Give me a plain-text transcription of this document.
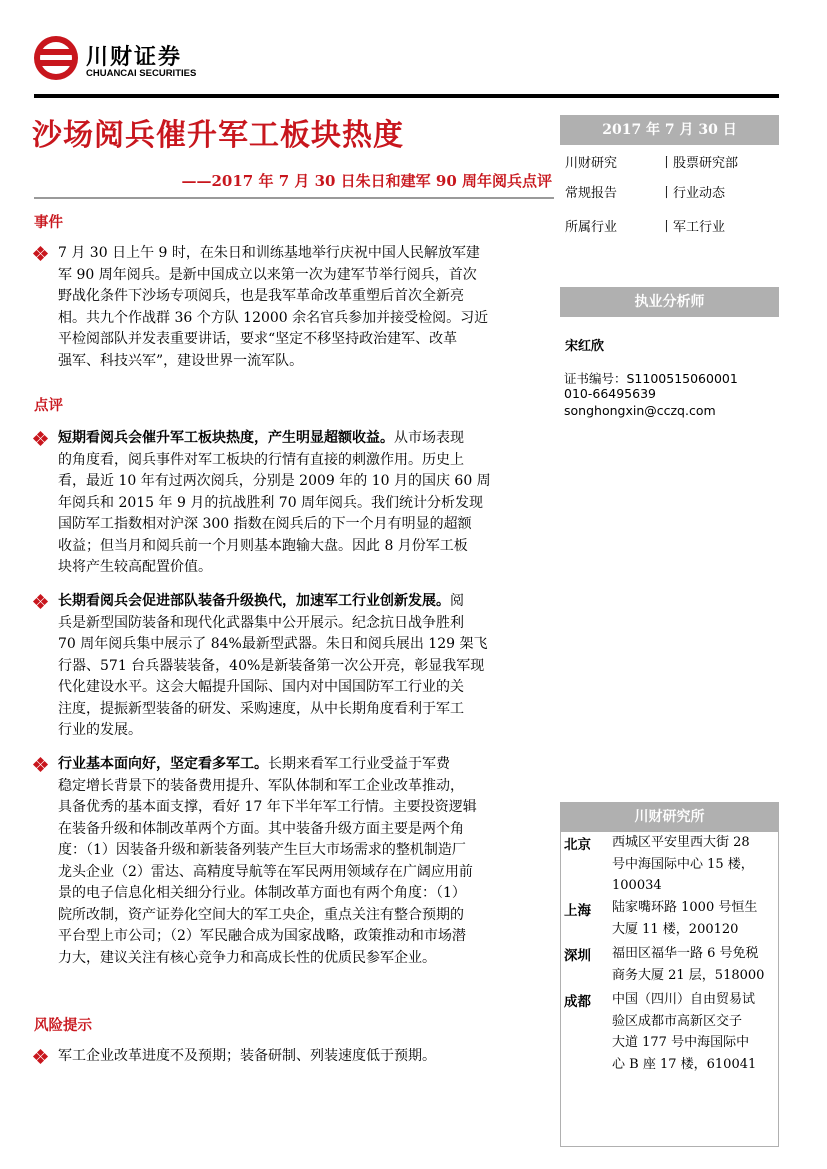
川财证券
CHUANCAI SECURITIES
沙场阅兵催升军工板块热度
——2017 年 7 月 30 日朱日和建军 90 周年阅兵点评
事件
7 月 30 日上午 9 时，在朱日和训练基地举行庆祝中国人民解放军建
军 90 周年阅兵。是新中国成立以来第一次为建军节举行阅兵，首次
野战化条件下沙场专项阅兵，也是我军革命改革重塑后首次全新亮
相。共九个作战群 36 个方队 12000 余名官兵参加并接受检阅。习近
平检阅部队并发表重要讲话，要求“坚定不移坚持政治建军、改革
强军、科技兴军”，建设世界一流军队。
点评
短期看阅兵会催升军工板块热度，产生明显超额收益。从市场表现
的角度看，阅兵事件对军工板块的行情有直接的刺激作用。历史上
看，最近 10 年有过两次阅兵，分别是 2009 年的 10 月的国庆 60 周
年阅兵和 2015 年 9 月的抗战胜利 70 周年阅兵。我们统计分析发现
国防军工指数相对沪深 300 指数在阅兵后的下一个月有明显的超额
收益；但当月和阅兵前一个月则基本跑输大盘。因此 8 月份军工板
块将产生较高配置价值。
长期看阅兵会促进部队装备升级换代，加速军工行业创新发展。阅
兵是新型国防装备和现代化武器集中公开展示。纪念抗日战争胜利
70 周年阅兵集中展示了 84%最新型武器。朱日和阅兵展出 129 架飞
行器、571 台兵器装装备，40%是新装备第一次公开亮，彰显我军现
代化建设水平。这会大幅提升国际、国内对中国国防军工行业的关
注度，提振新型装备的研发、采购速度，从中长期角度看利于军工
行业的发展。
行业基本面向好，坚定看多军工。长期来看军工行业受益于军费
稳定增长背景下的装备费用提升、军队体制和军工企业改革推动，
具备优秀的基本面支撑，看好 17 年下半年军工行情。主要投资逻辑
在装备升级和体制改革两个方面。其中装备升级方面主要是两个角
度：（1）因装备升级和新装备列装产生巨大市场需求的整机制造厂
龙头企业（2）雷达、高精度导航等在军民两用领域存在广阔应用前
景的电子信息化相关细分行业。体制改革方面也有两个角度：（1）
院所改制，资产证券化空间大的军工央企，重点关注有整合预期的
平台型上市公司；（2）军民融合成为国家战略，政策推动和市场潜
力大，建议关注有核心竞争力和高成长性的优质民参军企业。
风险提示
军工企业改革进度不及预期；装备研制、列装速度低于预期。
2017 年 7 月 30 日
川财研究	丨股票研究部
常规报告	丨行业动态
所属行业	丨军工行业
执业分析师
宋红欣
证书编号：S1100515060001
010-66495639
songhongxin@cczq.com
川财研究所
北京 西城区平安里西大街 28
号中海国际中心 15 楼，
100034
上海 陆家嘴环路 1000 号恒生
大厦 11 楼，200120
深圳 福田区福华一路 6 号免税
商务大厦 21 层，518000
成都 中国（四川）自由贸易试
验区成都市高新区交子
大道 177 号中海国际中
心 B 座 17 楼，610041
